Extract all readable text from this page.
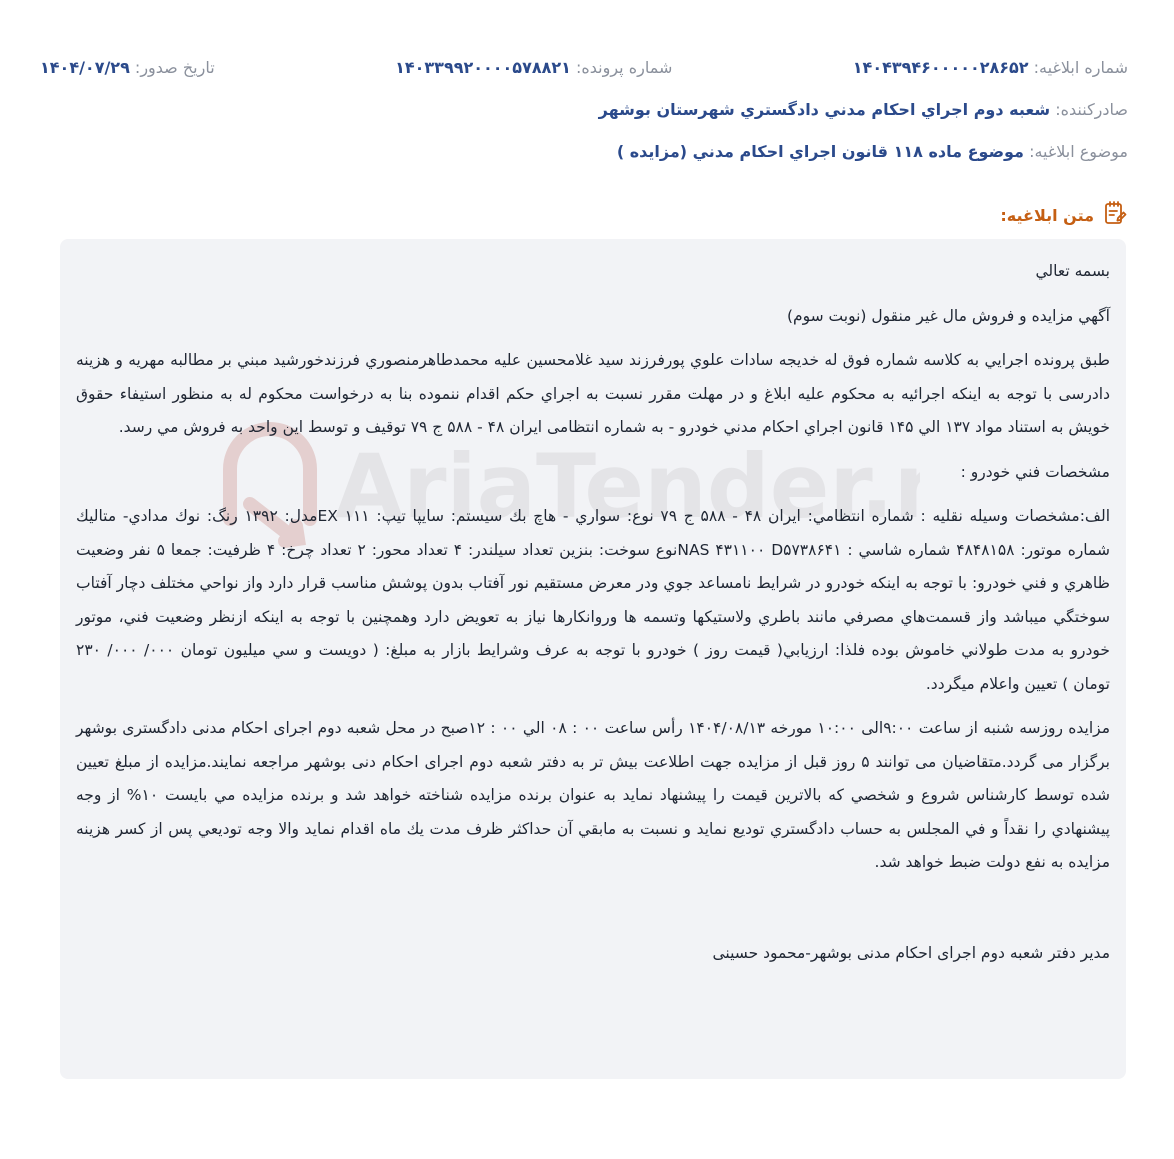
شماره ابلاغیه: ۱۴۰۴۳۹۴۶۰۰۰۰۰۲۸۶۵۲
شماره پرونده: ۱۴۰۳۳۹۹۲۰۰۰۰۵۷۸۸۲۱
تاریخ صدور: ۱۴۰۴/۰۷/۲۹
صادرکننده: شعبه دوم اجراي احكام مدني دادگستري شهرستان بوشهر
موضوع ابلاغیه: موضوع ماده ۱۱۸ قانون اجراي احكام مدني (مزايده )
متن ابلاغیه:
AriaTender.

بسمه تعالي

آگهي مزايده و فروش مال غير منقول (نوبت سوم)

طبق پرونده اجرايي به كلاسه شماره فوق له خديجه سادات علوي پورفرزند سيد غلامحسين عليه محمدطاهرمنصوري فرزندخورشيد مبني بر مطالبه مهريه و هزينه دادرسی با توجه به اينكه اجرائيه به محكوم عليه ابلاغ و در مهلت مقرر نسبت به اجراي حكم اقدام ننموده بنا به درخواست محكوم له به منظور استيفاء حقوق خويش به استناد مواد ۱۳۷ الي ۱۴۵ قانون اجراي احكام مدني خودرو - به شماره انتظامی ايران ۴۸ - ۵۸۸ ج ۷۹ توقيف و توسط اين واحد به فروش مي رسد.

مشخصات فني خودرو :

الف:مشخصات وسيله نقليه : شماره انتظامي: ايران ۴۸ - ۵۸۸ ج ۷۹ نوع: سواري - هاچ بك سيستم: سايپا تيپ: ۱۱۱ EXمدل: ۱۳۹۲ رنگ: نوك مدادي- متاليك شماره موتور: ۴۸۴۸۱۵۸ شماره شاسي : NAS ۴۳۱۱۰۰ D۵۷۳۸۶۴۱نوع سوخت: بنزين تعداد سيلندر: ۴ تعداد محور: ۲ تعداد چرخ: ۴ ظرفيت: جمعا ۵ نفر وضعيت ظاهري و فني خودرو: با توجه به اينكه خودرو در شرايط نامساعد جوي ودر معرض مستقيم نور آفتاب بدون پوشش مناسب قرار دارد واز نواحي مختلف دچار آفتاب سوختگي ميباشد واز قسمت‌هاي مصرفي مانند باطري ولاستيكها وتسمه ها وروانكارها نياز به تعويض دارد وهمچنين با توجه به اينكه ازنظر وضعيت فني، موتور خودرو به مدت طولاني خاموش بوده فلذا: ارزيابي( قيمت روز ) خودرو با توجه به عرف وشرايط بازار به مبلغ: ( دويست و سي ميليون تومان ۰۰۰/ ۰۰۰/ ۲۳۰ تومان ) تعيين واعلام ميگردد.

مزایده روزسه شنبه از ساعت ۹:۰۰الی ۱۰:۰۰ مورخه ۱۴۰۴/۰۸/۱۳ رأس ساعت ۰۰ : ۰۸ الي ۰۰ : ۱۲صبح در محل شعبه دوم اجرای احکام مدنی دادگستری بوشهر برگزار می گردد.متقاضیان می توانند ۵ روز قبل از مزایده جهت اطلاعت بیش تر به دفتر شعبه دوم اجرای احکام دنی بوشهر مراجعه نمایند.مزايده از مبلغ تعيين شده توسط كارشناس شروع و شخصي كه بالاترين قيمت را پيشنهاد نمايد به عنوان برنده مزايده شناخته خواهد شد و برنده مزايده مي بايست ۱۰% از وجه پيشنهادي را نقداً و في المجلس به حساب دادگستري توديع نمايد و نسبت به مابقي آن حداكثر ظرف مدت يك ماه اقدام نمايد والا وجه توديعي پس از كسر هزينه مزايده به نفع دولت ضبط خواهد شد.

مدیر دفتر شعبه دوم اجرای احکام مدنی بوشهر-محمود حسینی
